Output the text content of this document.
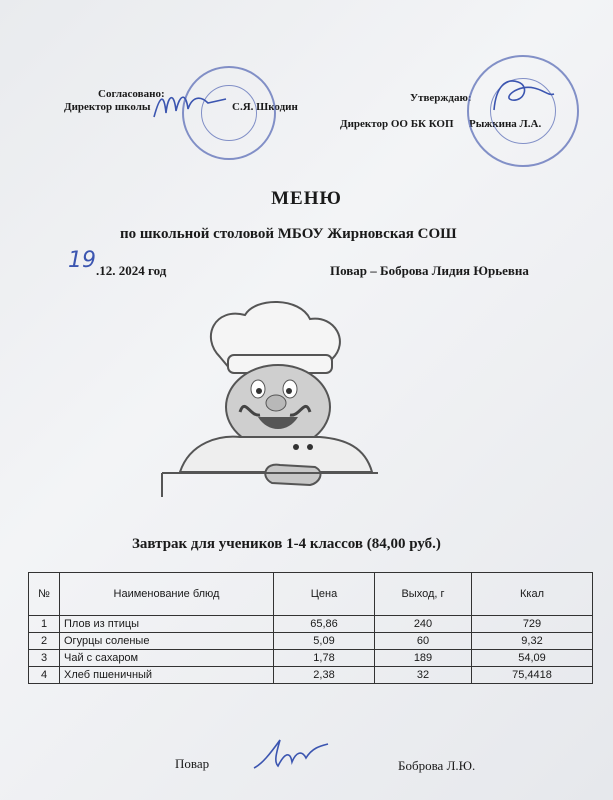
Согласовано:
Директор школы	С.Я. Шкодин
Утверждаю:
Директор ОО БК КОП Рыжкина Л.А.
МЕНЮ
по школьной столовой МБОУ Жирновская СОШ
19 .12. 2024 год	Повар – Боброва Лидия Юрьевна
Завтрак для учеников 1-4 классов (84,00 руб.)
№	Наименование блюд	Цена	Выход, г	Ккал
1	Плов из птицы	65,86	240	729
2	Огурцы соленые	5,09	60	9,32
3	Чай с сахаром	1,78	189	54,09
4	Хлеб пшеничный	2,38	32	75,4418
Повар	Боброва Л.Ю.
